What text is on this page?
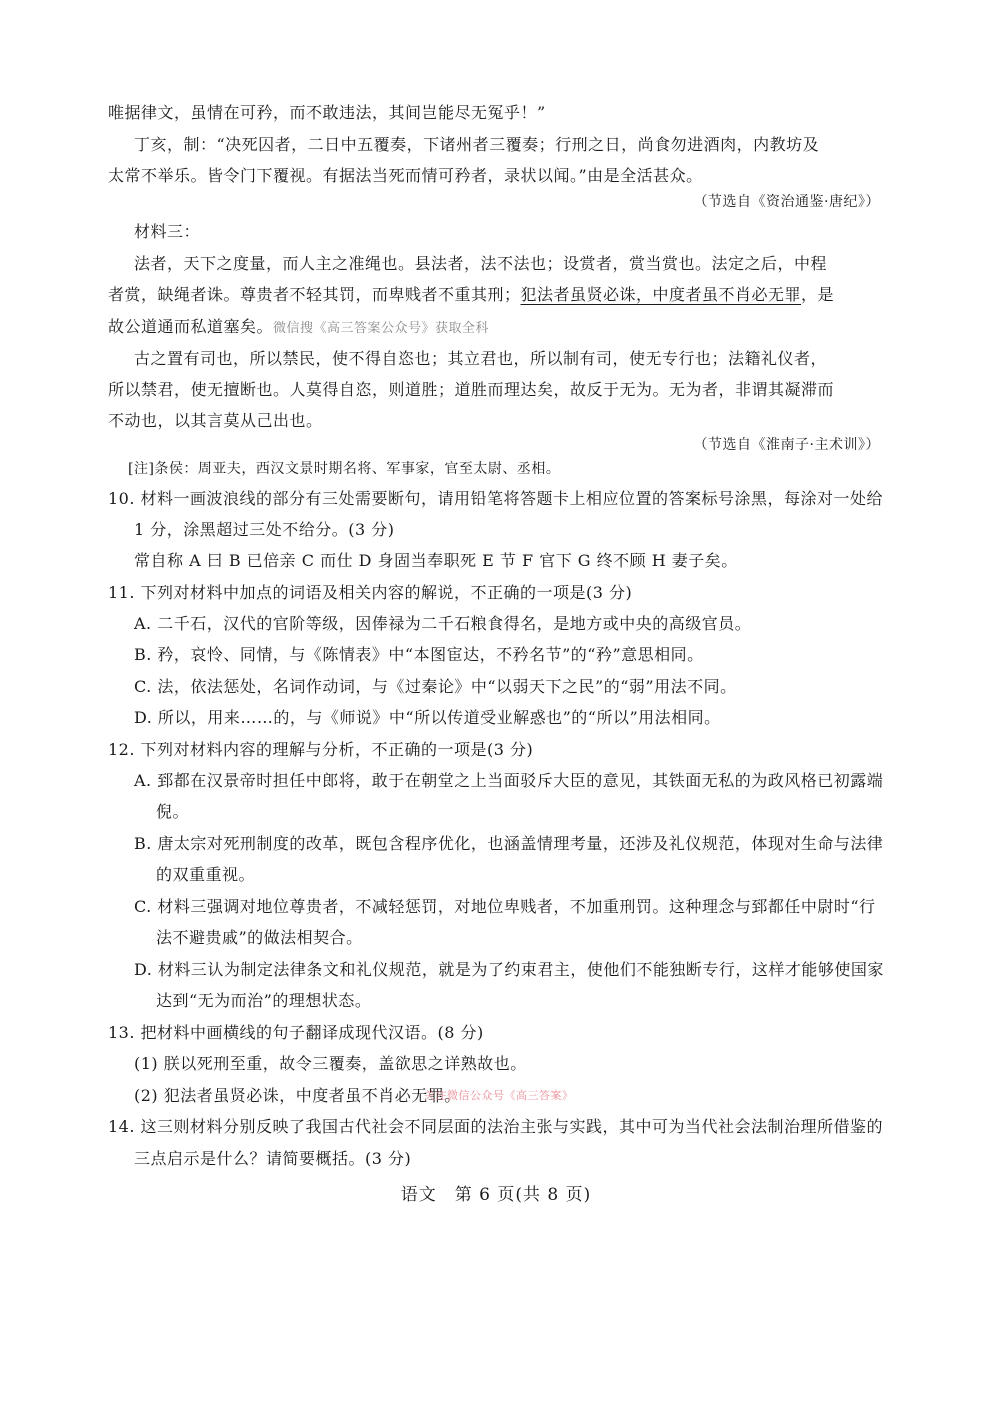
唯据律文，虽情在可矜，而不敢违法，其间岂能尽无冤乎！”
丁亥，制：“决死囚者，二日中五覆奏，下诸州者三覆奏；行刑之日，尚食勿进酒肉，内教坊及
太常不举乐。皆令门下覆视。有据法当死而情可矜者，录状以闻。”由是全活甚众。
材料三：
法者，天下之度量，而人主之准绳也。县法者，法不法也；设赏者，赏当赏也。法定之后，中程
古之置有司也，所以禁民，使不得自恣也；其立君也，所以制有司，使无专行也；法籍礼仪者，
所以禁君，使无擅断也。人莫得自恣，则道胜；道胜而理达矣，故反于无为。无为者，非谓其凝滞而
不动也，以其言莫从己出也。
10. 材料一画波浪线的部分有三处需要断句，请用铅笔将答题卡上相应位置的答案标号涂黑，每涂对一处给
1 分，涂黑超过三处不给分。(3 分)
常自称 A 曰 B 已倍亲 C 而仕 D 身固当奉职死 E 节 F 官下 G 终不顾 H 妻子矣。
11. 下列对材料中加点的词语及相关内容的解说，不正确的一项是(3 分)
A. 二千石，汉代的官阶等级，因俸禄为二千石粮食得名，是地方或中央的高级官员。
B. 矜，哀怜、同情，与《陈情表》中“本图宦达，不矜名节”的“矜”意思相同。
C. 法，依法惩处，名词作动词，与《过秦论》中“以弱天下之民”的“弱”用法不同。
D. 所以，用来……的，与《师说》中“所以传道受业解惑也”的“所以”用法相同。
12. 下列对材料内容的理解与分析，不正确的一项是(3 分)
A. 郅都在汉景帝时担任中郎将，敢于在朝堂之上当面驳斥大臣的意见，其铁面无私的为政风格已初露端
倪。
B. 唐太宗对死刑制度的改革，既包含程序优化，也涵盖情理考量，还涉及礼仪规范，体现对生命与法律
的双重重视。
C. 材料三强调对地位尊贵者，不减轻惩罚，对地位卑贱者，不加重刑罚。这种理念与郅都任中尉时“行
法不避贵戚”的做法相契合。
D. 材料三认为制定法律条文和礼仪规范，就是为了约束君主，使他们不能独断专行，这样才能够使国家
达到“无为而治”的理想状态。
13. 把材料中画横线的句子翻译成现代汉语。(8 分)
(1) 朕以死刑至重，故令三覆奏，盖欲思之详熟故也。
(2) 犯法者虽贤必诛，中度者虽不肖必无罪。
14. 这三则材料分别反映了我国古代社会不同层面的法治主张与实践，其中可为当代社会法制治理所借鉴的
三点启示是什么？请简要概括。(3 分)
（节选自《资治通鉴·唐纪》）
者赏，缺绳者诛。尊贵者不轻其罚，而卑贱者不重其刑；犯法者虽贤必诛，中度者虽不肖必无罪，是
故公道通而私道塞矣。微信搜《高三答案公众号》获取全科
（节选自《淮南子·主术训》）
[注]条侯：周亚夫，西汉文景时期名将、军事家，官至太尉、丞相。
关注微信公众号《高三答案》
语文　第 6 页(共 8 页)
